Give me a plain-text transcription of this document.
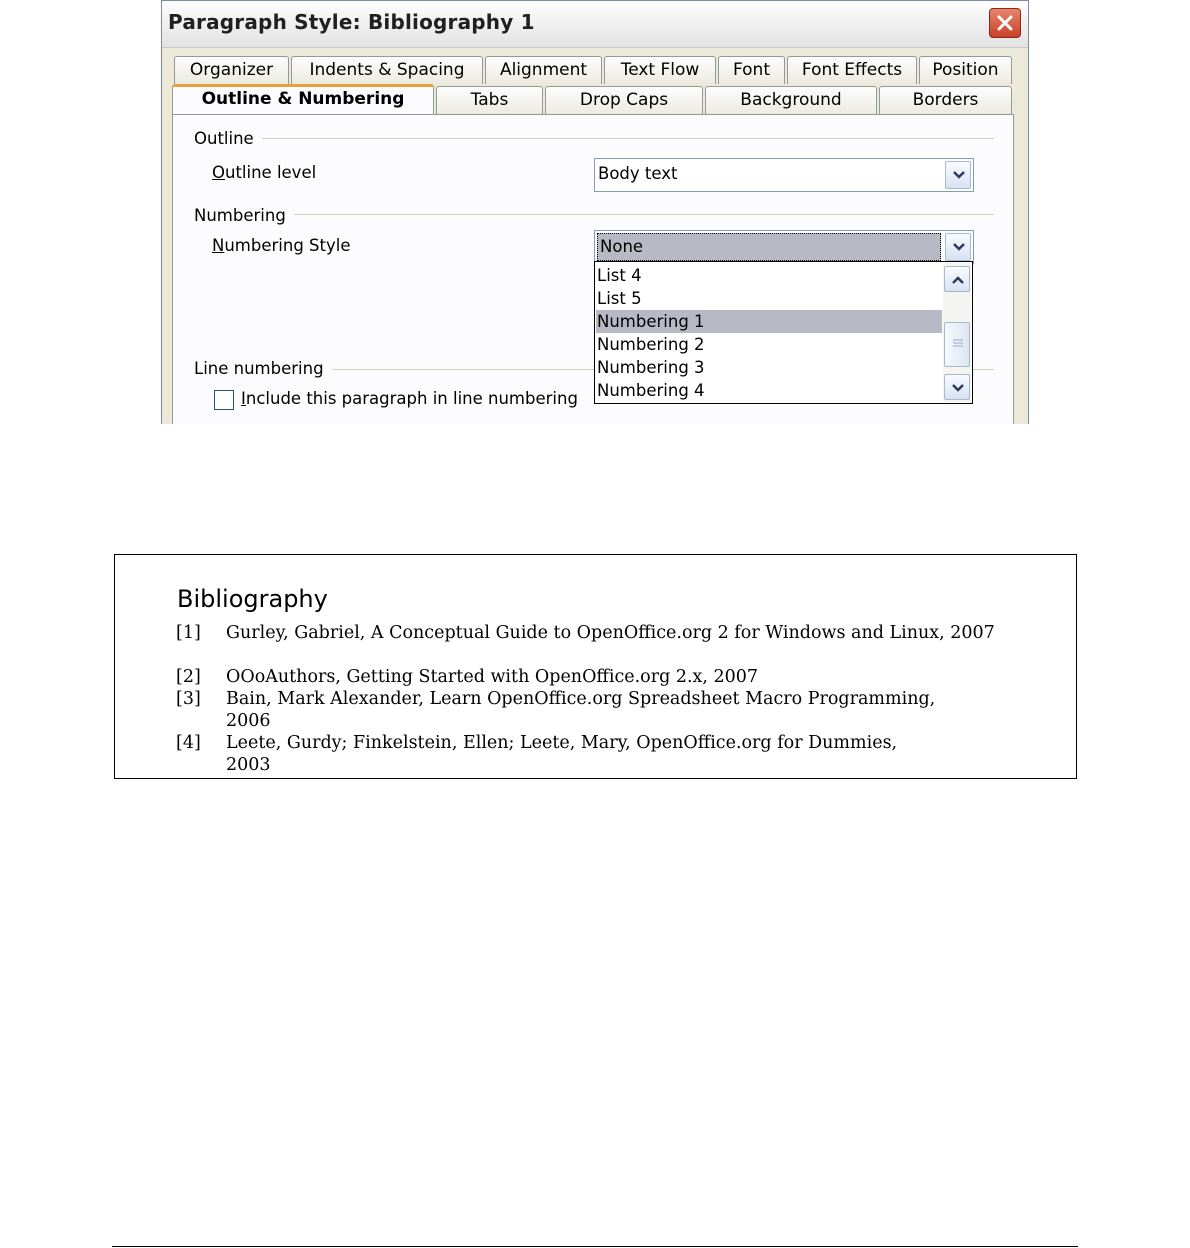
Paragraph Style: Bibliography 1
Organizer	Indents & Spacing	Alignment	Text Flow	Font	Font Effects	Position
Outline & Numbering	Tabs	Drop Caps	Background	Borders
Outline
Outline level	Body text
Numbering
Numbering Style	None
Line numbering
Include this paragraph in line numbering
List 4
List 5
Numbering 1
Numbering 2
Numbering 3
Numbering 4
Bibliography
[1] Gurley, Gabriel, A Conceptual Guide to OpenOffice.org 2 for Windows and Linux, 2007
[2] OOoAuthors, Getting Started with OpenOffice.org 2.x, 2007
[3] Bain, Mark Alexander, Learn OpenOffice.org Spreadsheet Macro Programming, 2006
[4] Leete, Gurdy; Finkelstein, Ellen; Leete, Mary, OpenOffice.org for Dummies, 2003
